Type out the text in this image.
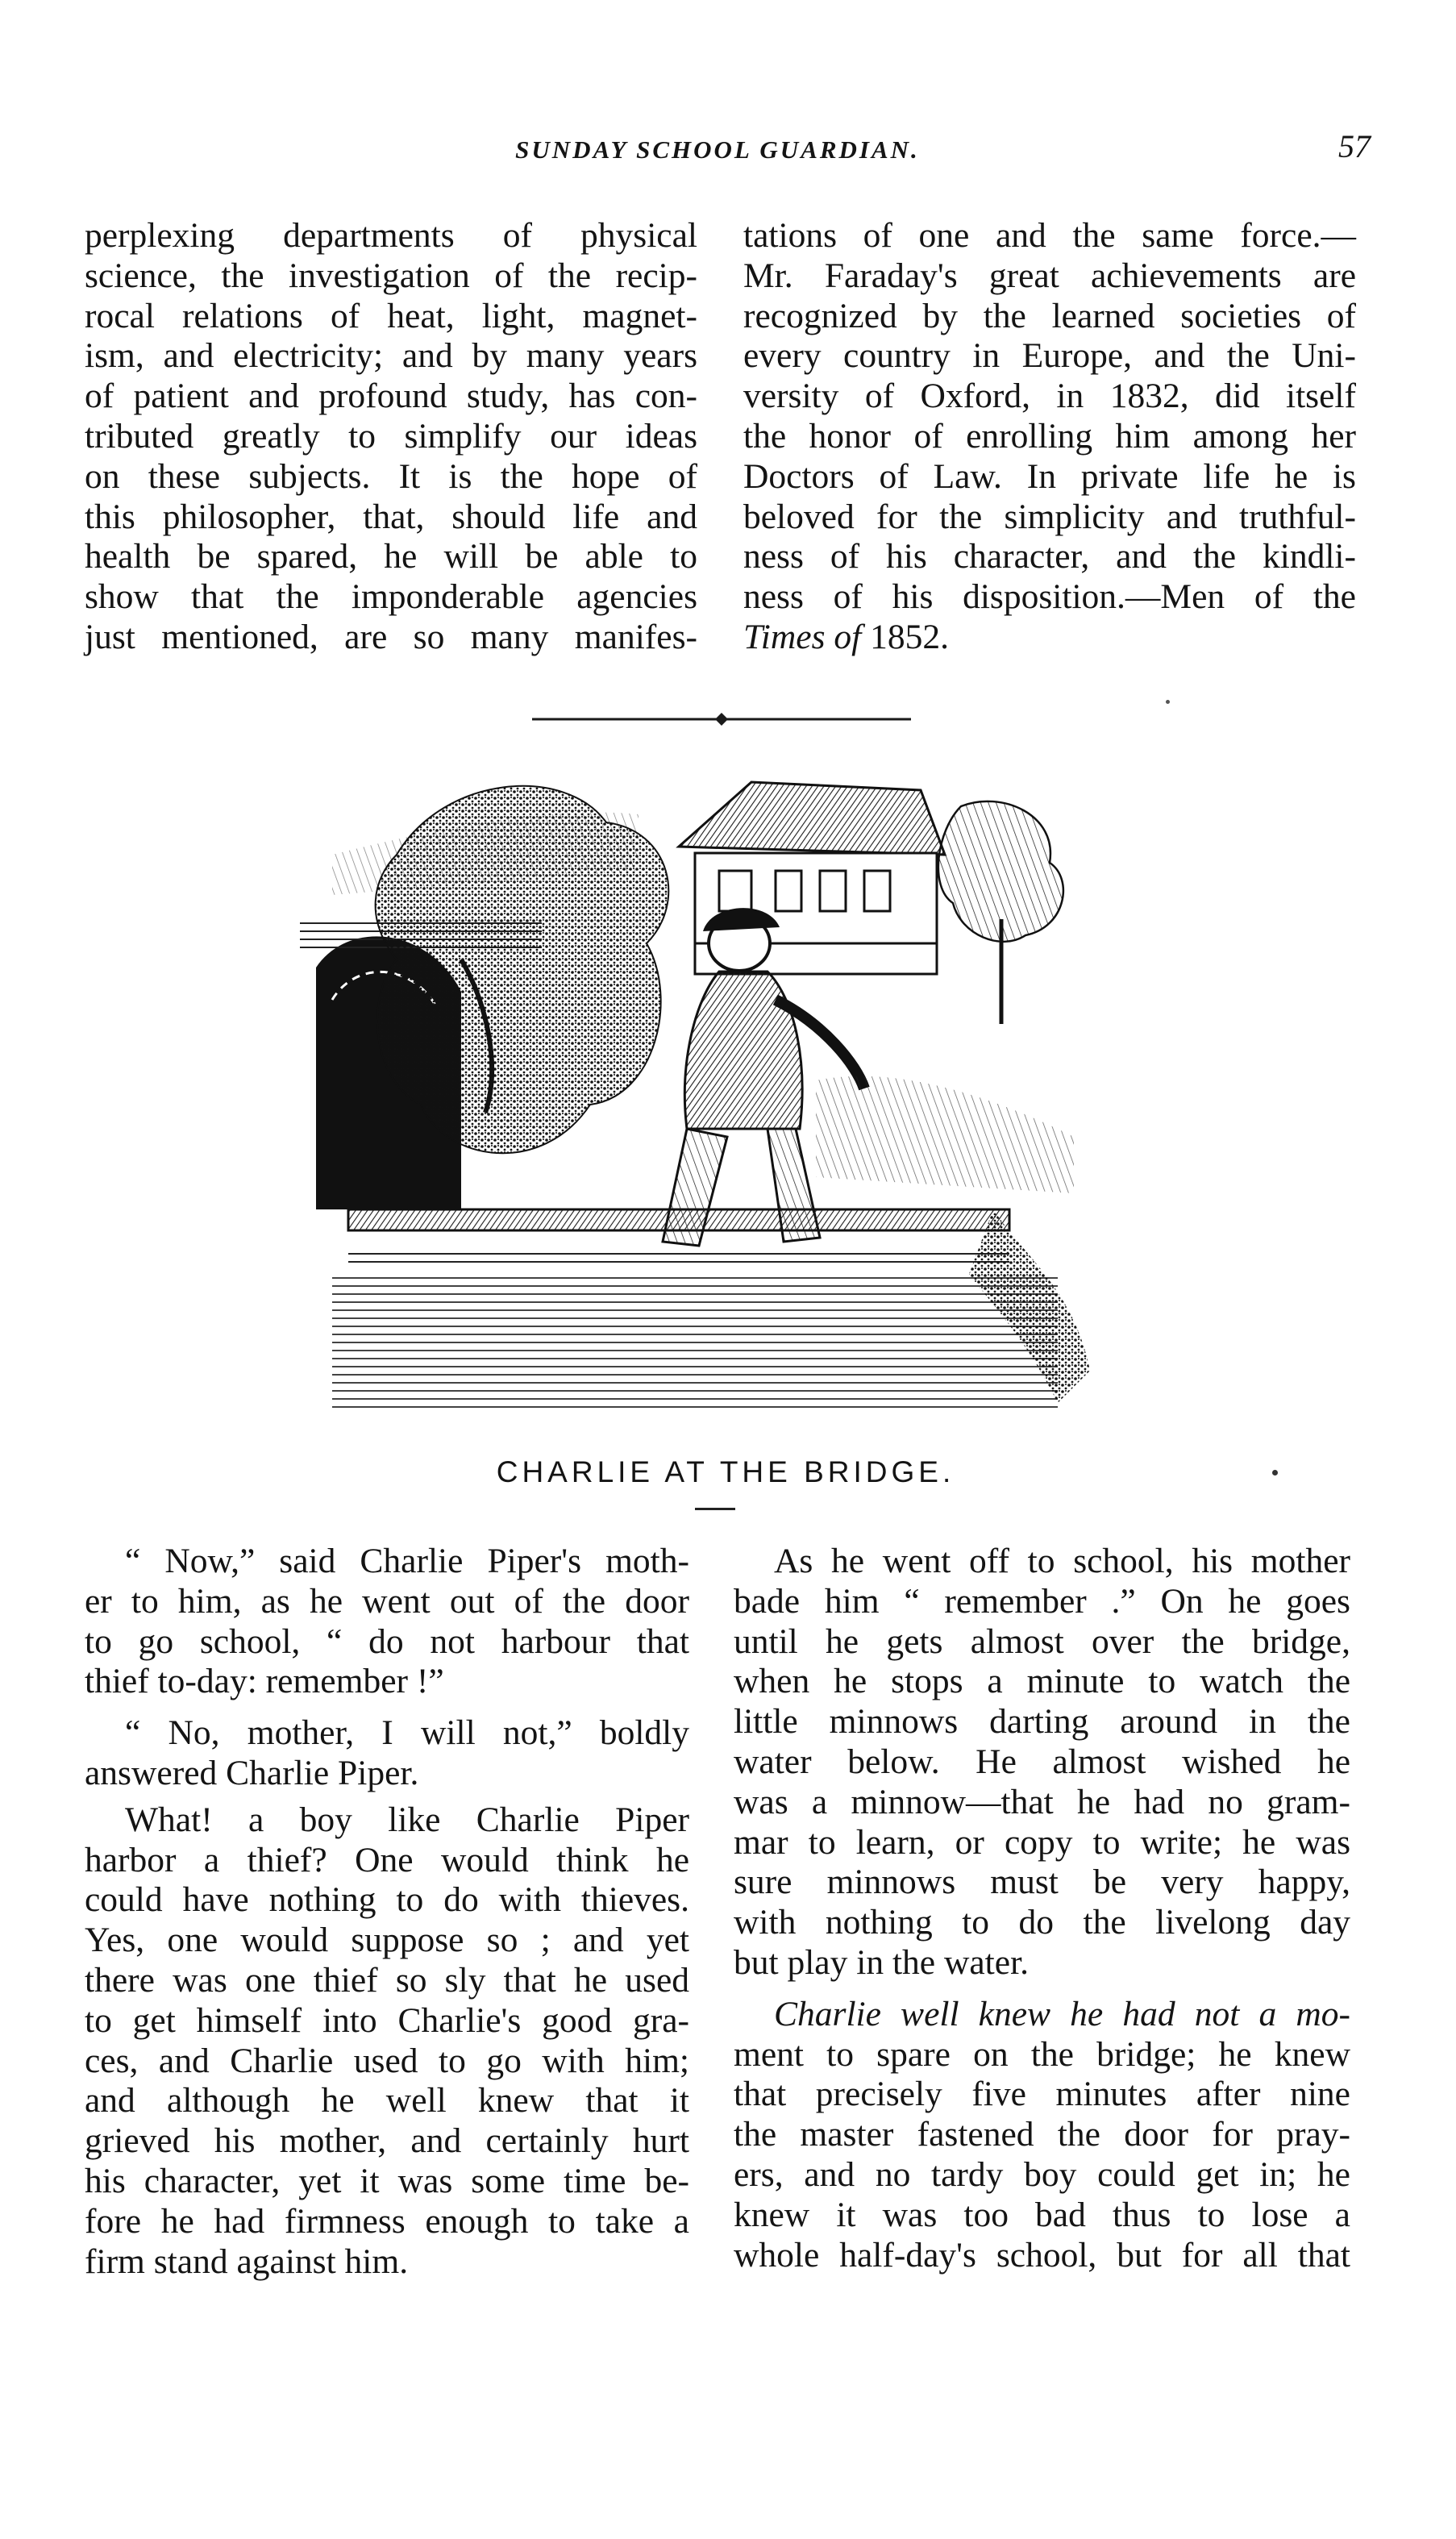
SUNDAY SCHOOL GUARDIAN.	57
perplexing departments of physical
science, the investigation of the recip-
rocal relations of heat, light, magnet-
ism, and electricity; and by many years
of patient and profound study, has con-
tributed greatly to simplify our ideas
on these subjects. It is the hope of
this philosopher, that, should life and
health be spared, he will be able to
show that the imponderable agencies
just mentioned, are so many manifes-
tations of one and the same force.—
Mr. Faraday's great achievements are
recognized by the learned societies of
every country in Europe, and the Uni-
versity of Oxford, in 1832, did itself
the honor of enrolling him among her
Doctors of Law. In private life he is
beloved for the simplicity and truthful-
ness of his character, and the kindli-
ness of his disposition.—Men of the
Times of 1852.
CHARLIE AT THE BRIDGE.
“ Now,” said Charlie Piper's moth-
er to him, as he went out of the door
to go school, “ do not harbour that
thief to-day: remember !”
“ No, mother, I will not,” boldly
answered Charlie Piper.
What! a boy like Charlie Piper
harbor a thief? One would think he
could have nothing to do with thieves.
Yes, one would suppose so ; and yet
there was one thief so sly that he used
to get himself into Charlie's good gra-
ces, and Charlie used to go with him;
and although he well knew that it
grieved his mother, and certainly hurt
his character, yet it was some time be-
fore he had firmness enough to take a
firm stand against him.
As he went off to school, his mother
bade him “ remember .” On he goes
until he gets almost over the bridge,
when he stops a minute to watch the
little minnows darting around in the
water below. He almost wished he
was a minnow—that he had no gram-
mar to learn, or copy to write; he was
sure minnows must be very happy,
with nothing to do the livelong day
but play in the water.
Charlie well knew he had not a mo-
ment to spare on the bridge; he knew
that precisely five minutes after nine
the master fastened the door for pray-
ers, and no tardy boy could get in; he
knew it was too bad thus to lose a
whole half-day's school, but for all that
